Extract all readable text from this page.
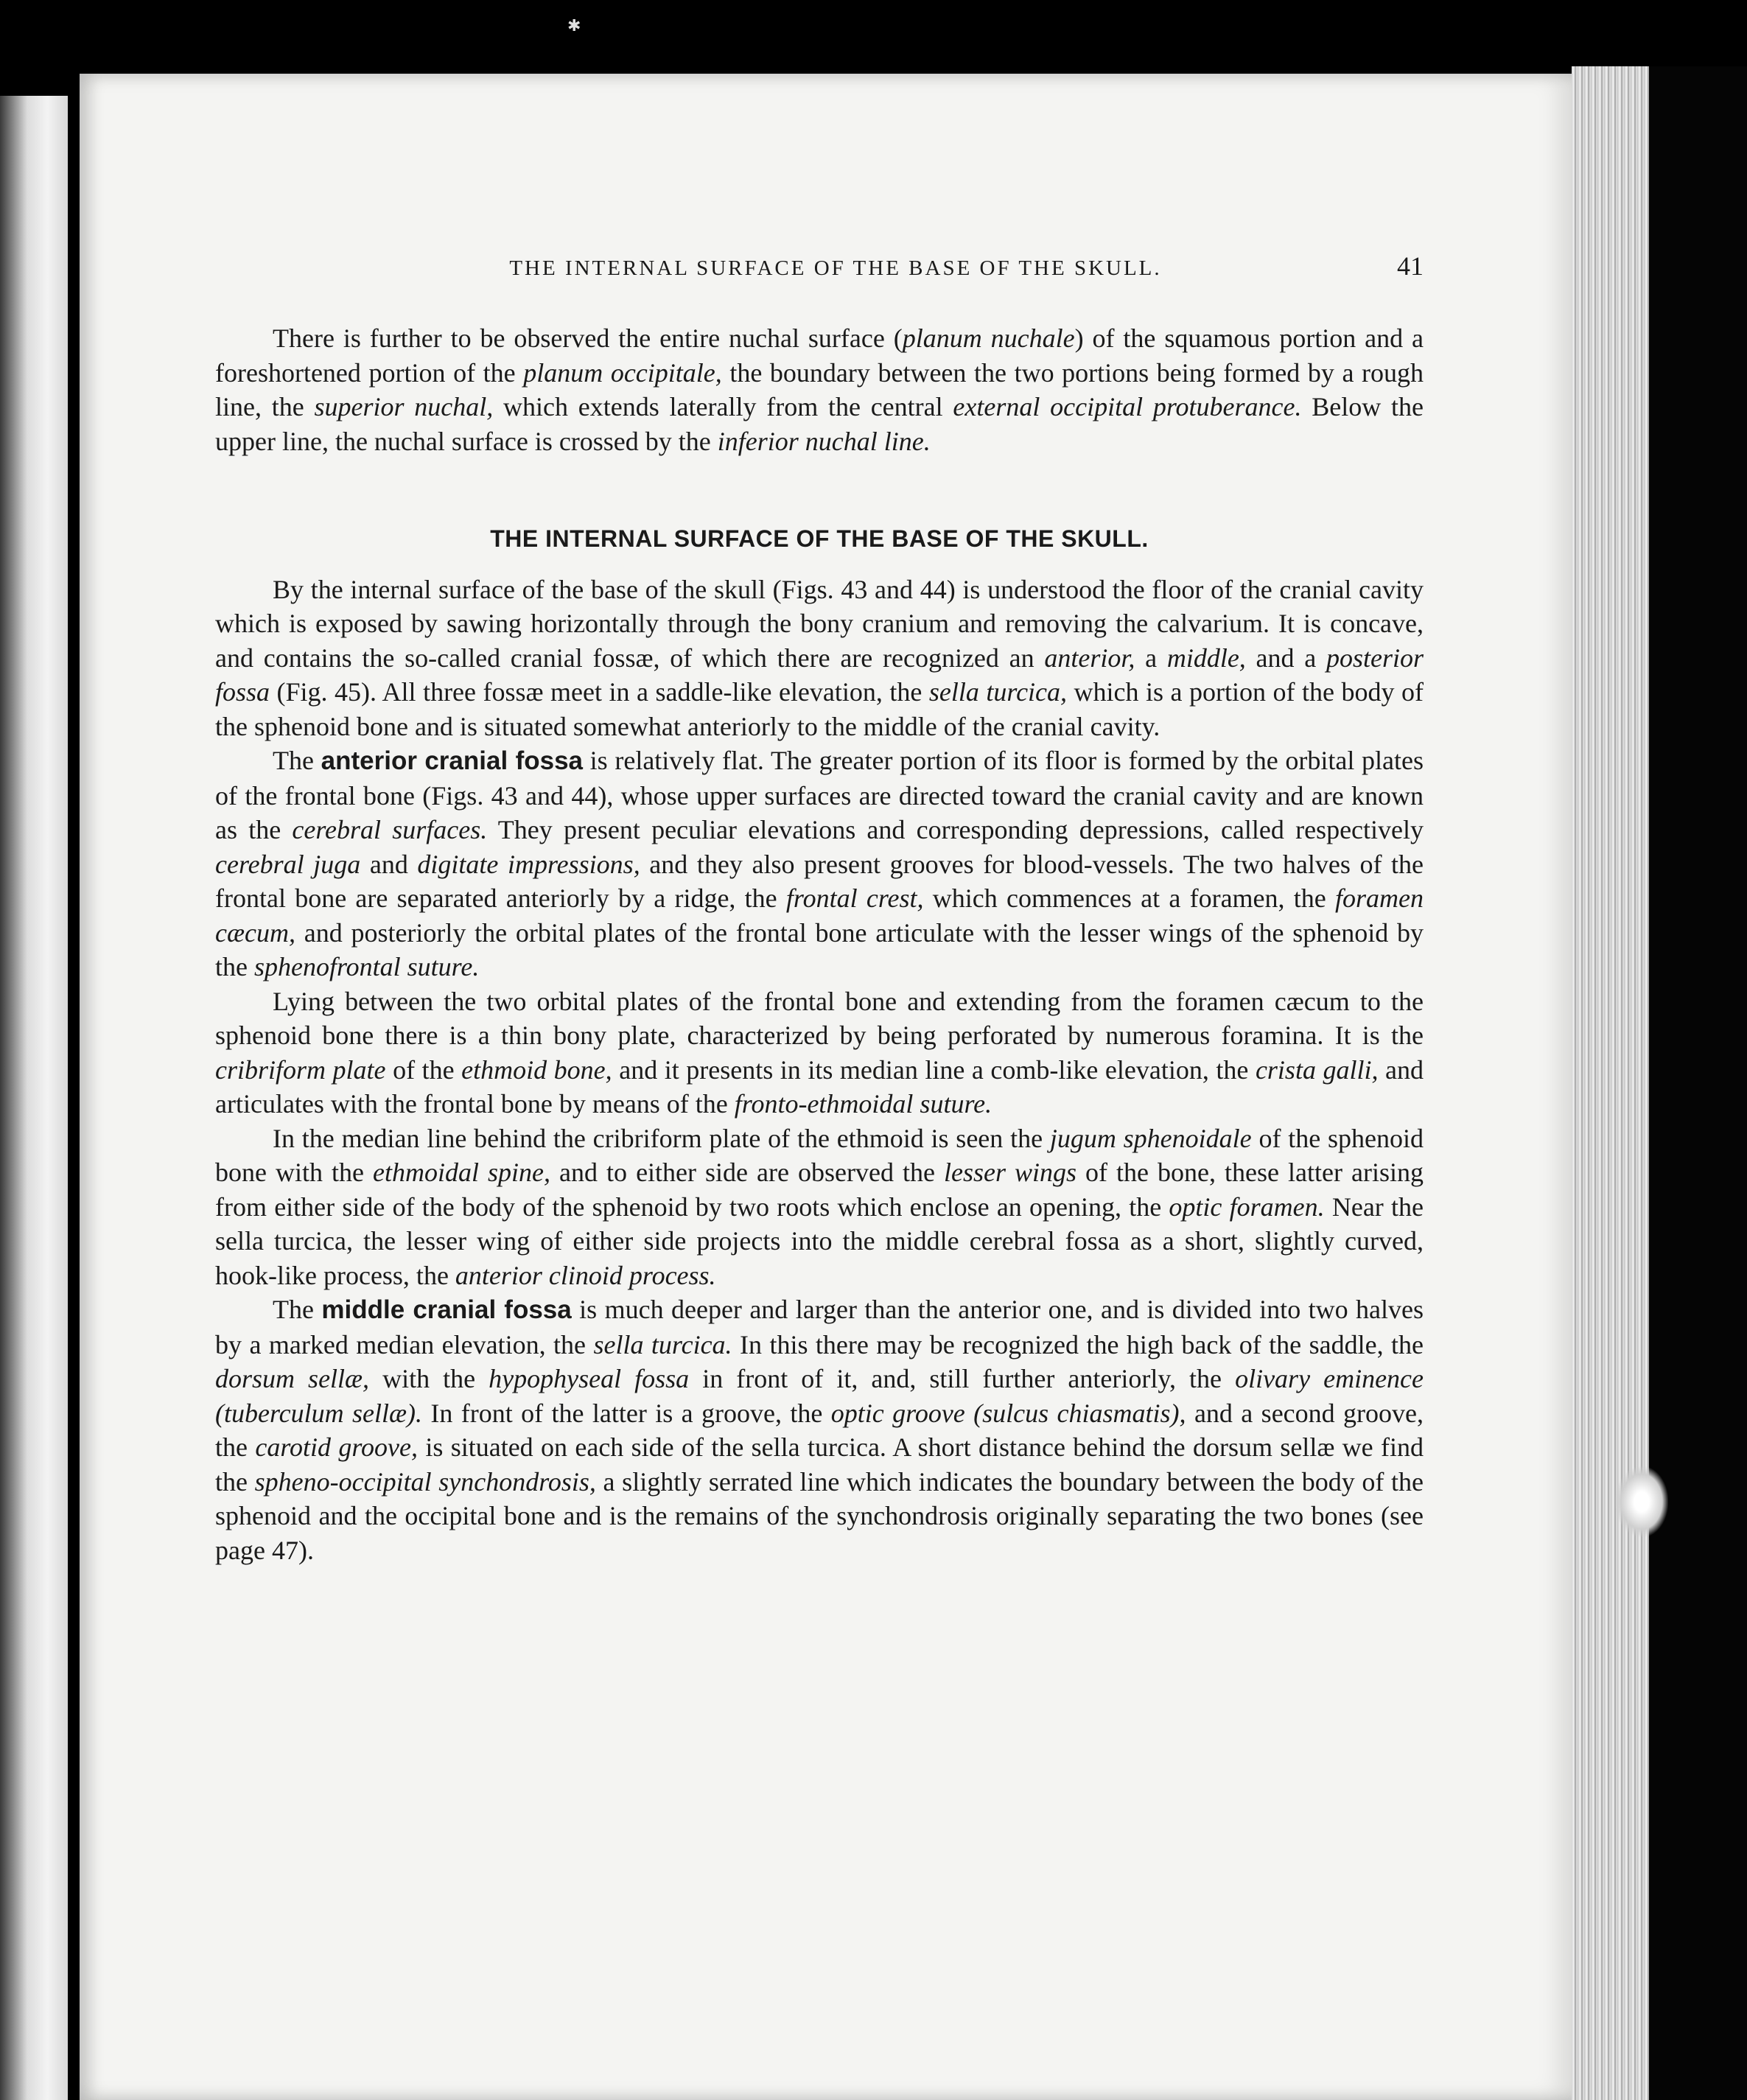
✱
THE INTERNAL SURFACE OF THE BASE OF THE SKULL.	41

There is further to be observed the entire nuchal surface (planum nuchale) of the squamous portion and a foreshortened portion of the planum occipitale, the boundary between the two portions being formed by a rough line, the superior nuchal, which extends laterally from the central external occipital protuberance. Below the upper line, the nuchal surface is crossed by the inferior nuchal line.

THE INTERNAL SURFACE OF THE BASE OF THE SKULL.

By the internal surface of the base of the skull (Figs. 43 and 44) is understood the floor of the cranial cavity which is exposed by sawing horizontally through the bony cranium and removing the calvarium. It is concave, and contains the so-called cranial fossæ, of which there are recognized an anterior, a middle, and a posterior fossa (Fig. 45). All three fossæ meet in a saddle-like elevation, the sella turcica, which is a portion of the body of the sphenoid bone and is situated somewhat anteriorly to the middle of the cranial cavity.

The anterior cranial fossa is relatively flat. The greater portion of its floor is formed by the orbital plates of the frontal bone (Figs. 43 and 44), whose upper surfaces are directed toward the cranial cavity and are known as the cerebral surfaces. They present peculiar elevations and corresponding depressions, called respectively cerebral juga and digitate impressions, and they also present grooves for blood-vessels. The two halves of the frontal bone are separated anteriorly by a ridge, the frontal crest, which commences at a foramen, the foramen cæcum, and posteriorly the orbital plates of the frontal bone articulate with the lesser wings of the sphenoid by the sphenofrontal suture.

Lying between the two orbital plates of the frontal bone and extending from the foramen cæcum to the sphenoid bone there is a thin bony plate, characterized by being perforated by numerous foramina. It is the cribriform plate of the ethmoid bone, and it presents in its median line a comb-like elevation, the crista galli, and articulates with the frontal bone by means of the fronto-ethmoidal suture.

In the median line behind the cribriform plate of the ethmoid is seen the jugum sphenoidale of the sphenoid bone with the ethmoidal spine, and to either side are observed the lesser wings of the bone, these latter arising from either side of the body of the sphenoid by two roots which enclose an opening, the optic foramen. Near the sella turcica, the lesser wing of either side projects into the middle cerebral fossa as a short, slightly curved, hook-like process, the anterior clinoid process.

The middle cranial fossa is much deeper and larger than the anterior one, and is divided into two halves by a marked median elevation, the sella turcica. In this there may be recognized the high back of the saddle, the dorsum sellæ, with the hypophyseal fossa in front of it, and, still further anteriorly, the olivary eminence (tuberculum sellæ). In front of the latter is a groove, the optic groove (sulcus chiasmatis), and a second groove, the carotid groove, is situated on each side of the sella turcica. A short distance behind the dorsum sellæ we find the spheno-occipital synchondrosis, a slightly serrated line which indicates the boundary between the body of the sphenoid and the occipital bone and is the remains of the synchondrosis originally separating the two bones (see page 47).
